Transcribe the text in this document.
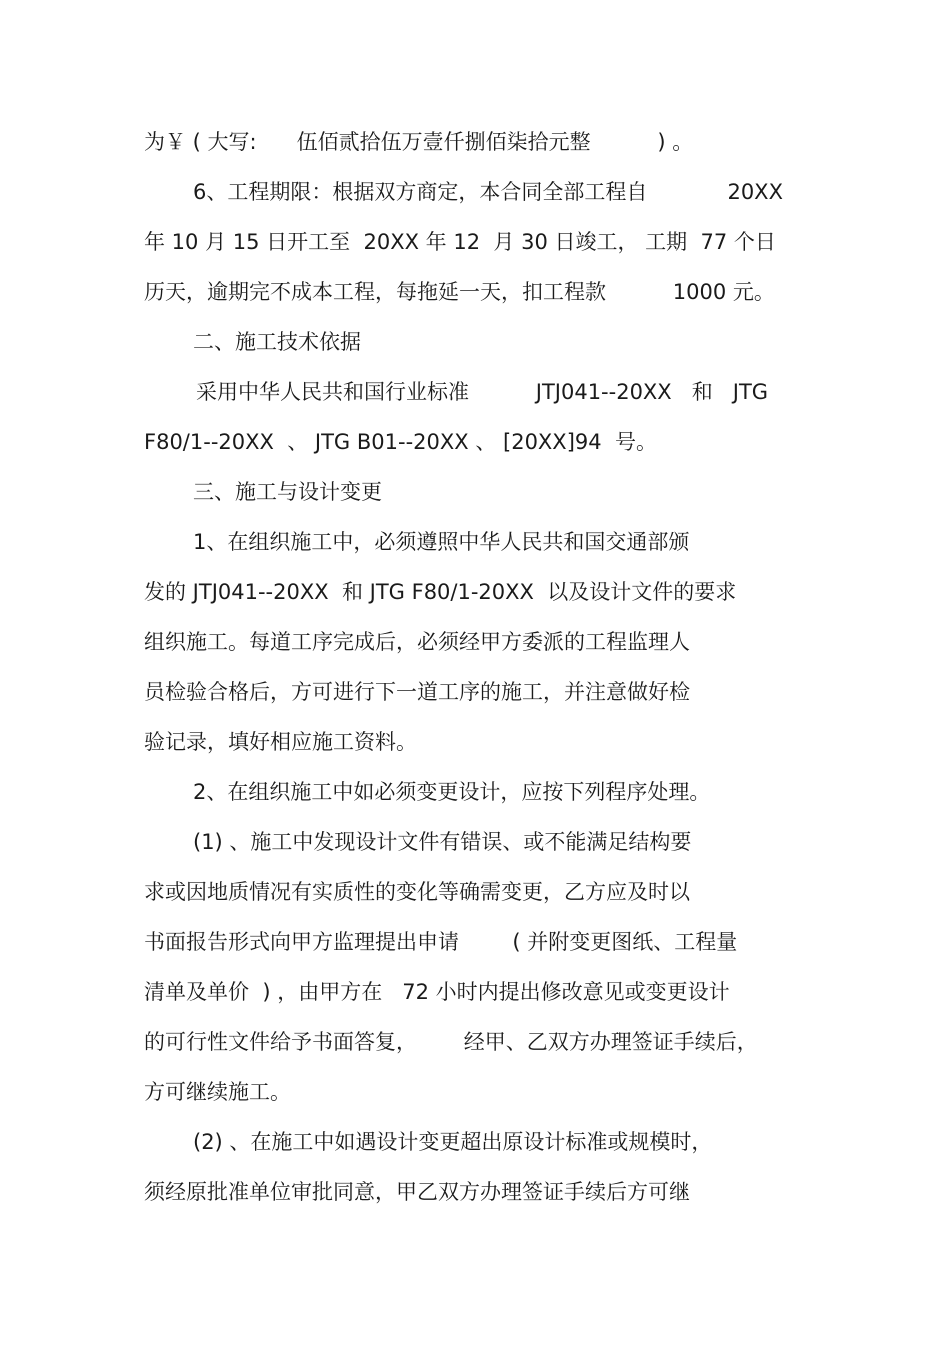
为￥ ( 大写:      伍佰贰拾伍万壹仟捌佰柒拾元整          ) 。
6、工程期限：根据双方商定，本合同全部工程自            20XX
年 10 月 15 日开工至  20XX 年 12  月 30 日竣工， 工期  77 个日
历天，逾期完不成本工程，每拖延一天，扣工程款          1000 元。
二、施工技术依据
采用中华人民共和国行业标准          JTJ041--20XX   和   JTG
F80/1--20XX  、 JTG B01--20XX 、 [20XX]94  号。
三、施工与设计变更
1、在组织施工中，必须遵照中华人民共和国交通部颁
发的 JTJ041--20XX  和 JTG F80/1-20XX  以及设计文件的要求
组织施工。每道工序完成后，必须经甲方委派的工程监理人
员检验合格后，方可进行下一道工序的施工，并注意做好检
验记录，填好相应施工资料。
2、在组织施工中如必须变更设计，应按下列程序处理。
(1) 、施工中发现设计文件有错误、或不能满足结构要
求或因地质情况有实质性的变化等确需变更，乙方应及时以
书面报告形式向甲方监理提出申请        ( 并附变更图纸、工程量
清单及单价  ) ，由甲方在   72 小时内提出修改意见或变更设计
的可行性文件给予书面答复，       经甲、乙双方办理签证手续后，
方可继续施工。
(2) 、在施工中如遇设计变更超出原设计标准或规模时，
须经原批准单位审批同意，甲乙双方办理签证手续后方可继
